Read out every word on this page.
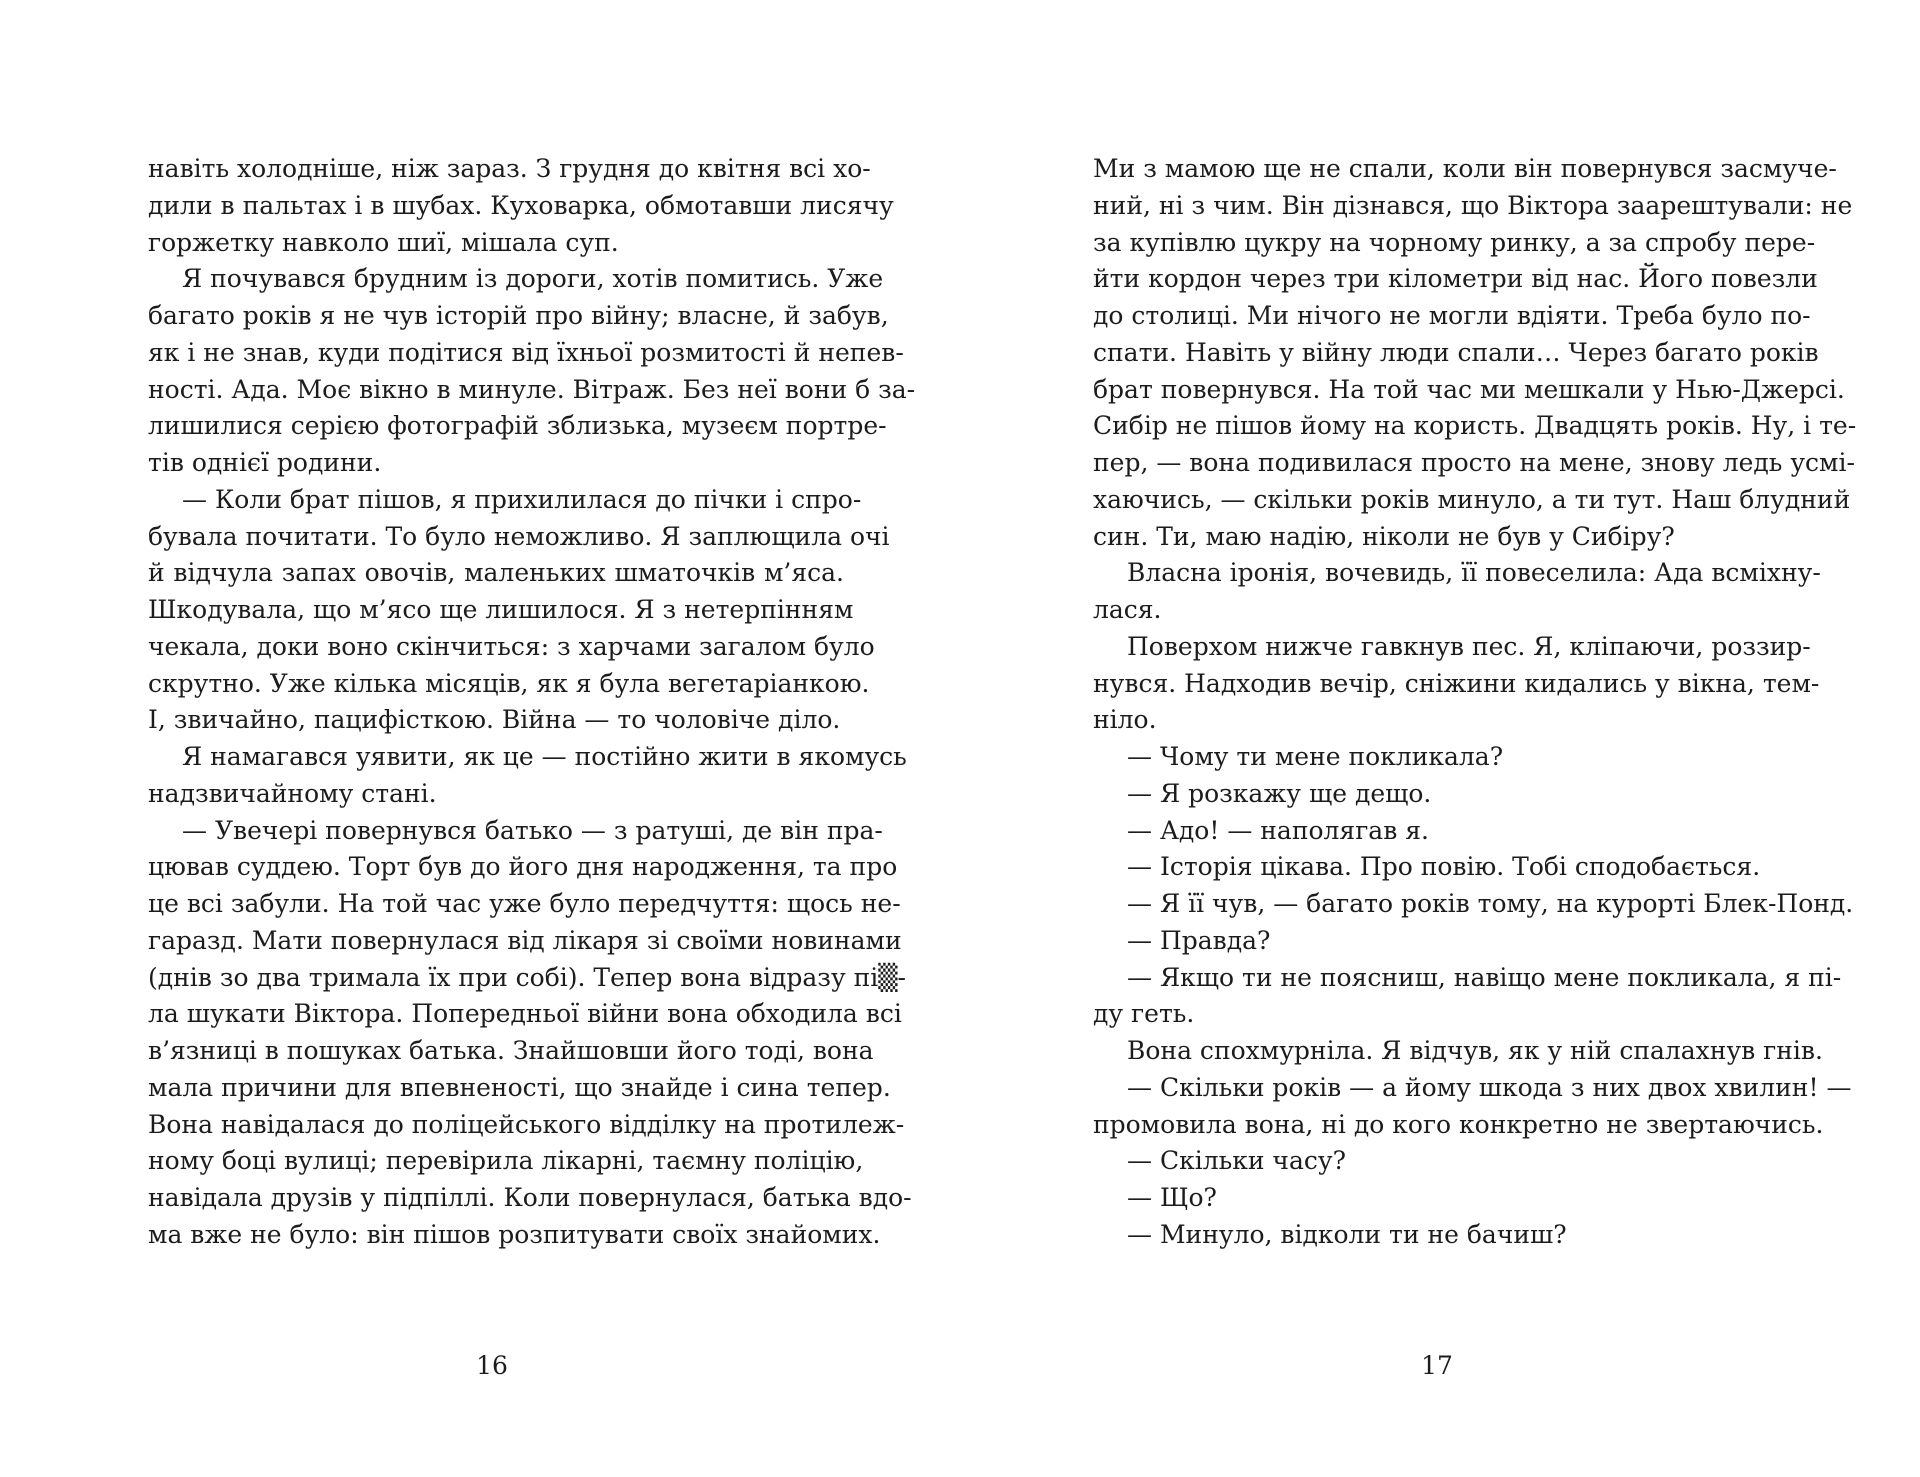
навіть холодніше, ніж зараз. З грудня до квітня всі хо-
дили в пальтах і в шубах. Куховарка, обмотавши лисячу
горжетку навколо шиї, мішала суп.
Я почувався брудним із дороги, хотів помитись. Уже
багато років я не чув історій про війну; власне, й забув,
як і не знав, куди подітися від їхньої розмитості й непев-
ності. Ада. Моє вікно в минуле. Вітраж. Без неї вони б за-
лишилися серією фотографій зблизька, музеєм портре-
тів однієї родини.
— Коли брат пішов, я прихилилася до пічки і спро-
бувала почитати. То було неможливо. Я заплющила очі
й відчула запах овочів, маленьких шматочків м’яса.
Шкодувала, що м’ясо ще лишилося. Я з нетерпінням
чекала, доки воно скінчиться: з харчами загалом було
скрутно. Уже кілька місяців, як я була вегетаріанкою.
І, звичайно, пацифісткою. Війна — то чоловіче діло.
Я намагався уявити, як це — постійно жити в якомусь
надзвичайному стані.
— Увечері повернувся батько — з ратуші, де він пра-
цював суддею. Торт був до його дня народження, та про
це всі забули. На той час уже було передчуття: щось не-
гаразд. Мати повернулася від лікаря зі своїми новинами
(днів зо два тримала їх при собі). Тепер вона відразу пі▒-
ла шукати Віктора. Попередньої війни вона обходила всі
в’язниці в пошуках батька. Знайшовши його тоді, вона
мала причини для впевненості, що знайде і сина тепер.
Вона навідалася до поліцейського відділку на протилеж-
ному боці вулиці; перевірила лікарні, таємну поліцію,
навідала друзів у підпіллі. Коли повернулася, батька вдо-
ма вже не було: він пішов розпитувати своїх знайомих.
Ми з мамою ще не спали, коли він повернувся засмуче-
ний, ні з чим. Він дізнався, що Віктора заарештували: не
за купівлю цукру на чорному ринку, а за спробу пере-
йти кордон через три кілометри від нас. Його повезли
до столиці. Ми нічого не могли вдіяти. Треба було по-
спати. Навіть у війну люди спали… Через багато років
брат повернувся. На той час ми мешкали у Нью-Джерсі.
Сибір не пішов йому на користь. Двадцять років. Ну, і те-
пер, — вона подивилася просто на мене, знову ледь усмі-
хаючись, — скільки років минуло, а ти тут. Наш блудний
син. Ти, маю надію, ніколи не був у Сибіру?
Власна іронія, вочевидь, її повеселила: Ада всміхну-
лася.
Поверхом нижче гавкнув пес. Я, кліпаючи, роззир-
нувся. Надходив вечір, сніжини кидались у вікна, тем-
ніло.
— Чому ти мене покликала?
— Я розкажу ще дещо.
— Адо! — наполягав я.
— Історія цікава. Про повію. Тобі сподобається.
— Я її чув, — багато років тому, на курорті Блек-Понд.
— Правда?
— Якщо ти не поясниш, навіщо мене покликала, я пі-
ду геть.
Вона спохмурніла. Я відчув, як у ній спалахнув гнів.
— Скільки років — а йому шкода з них двох хвилин! —
промовила вона, ні до кого конкретно не звертаючись.
— Скільки часу?
— Що?
— Минуло, відколи ти не бачиш?
16	17
